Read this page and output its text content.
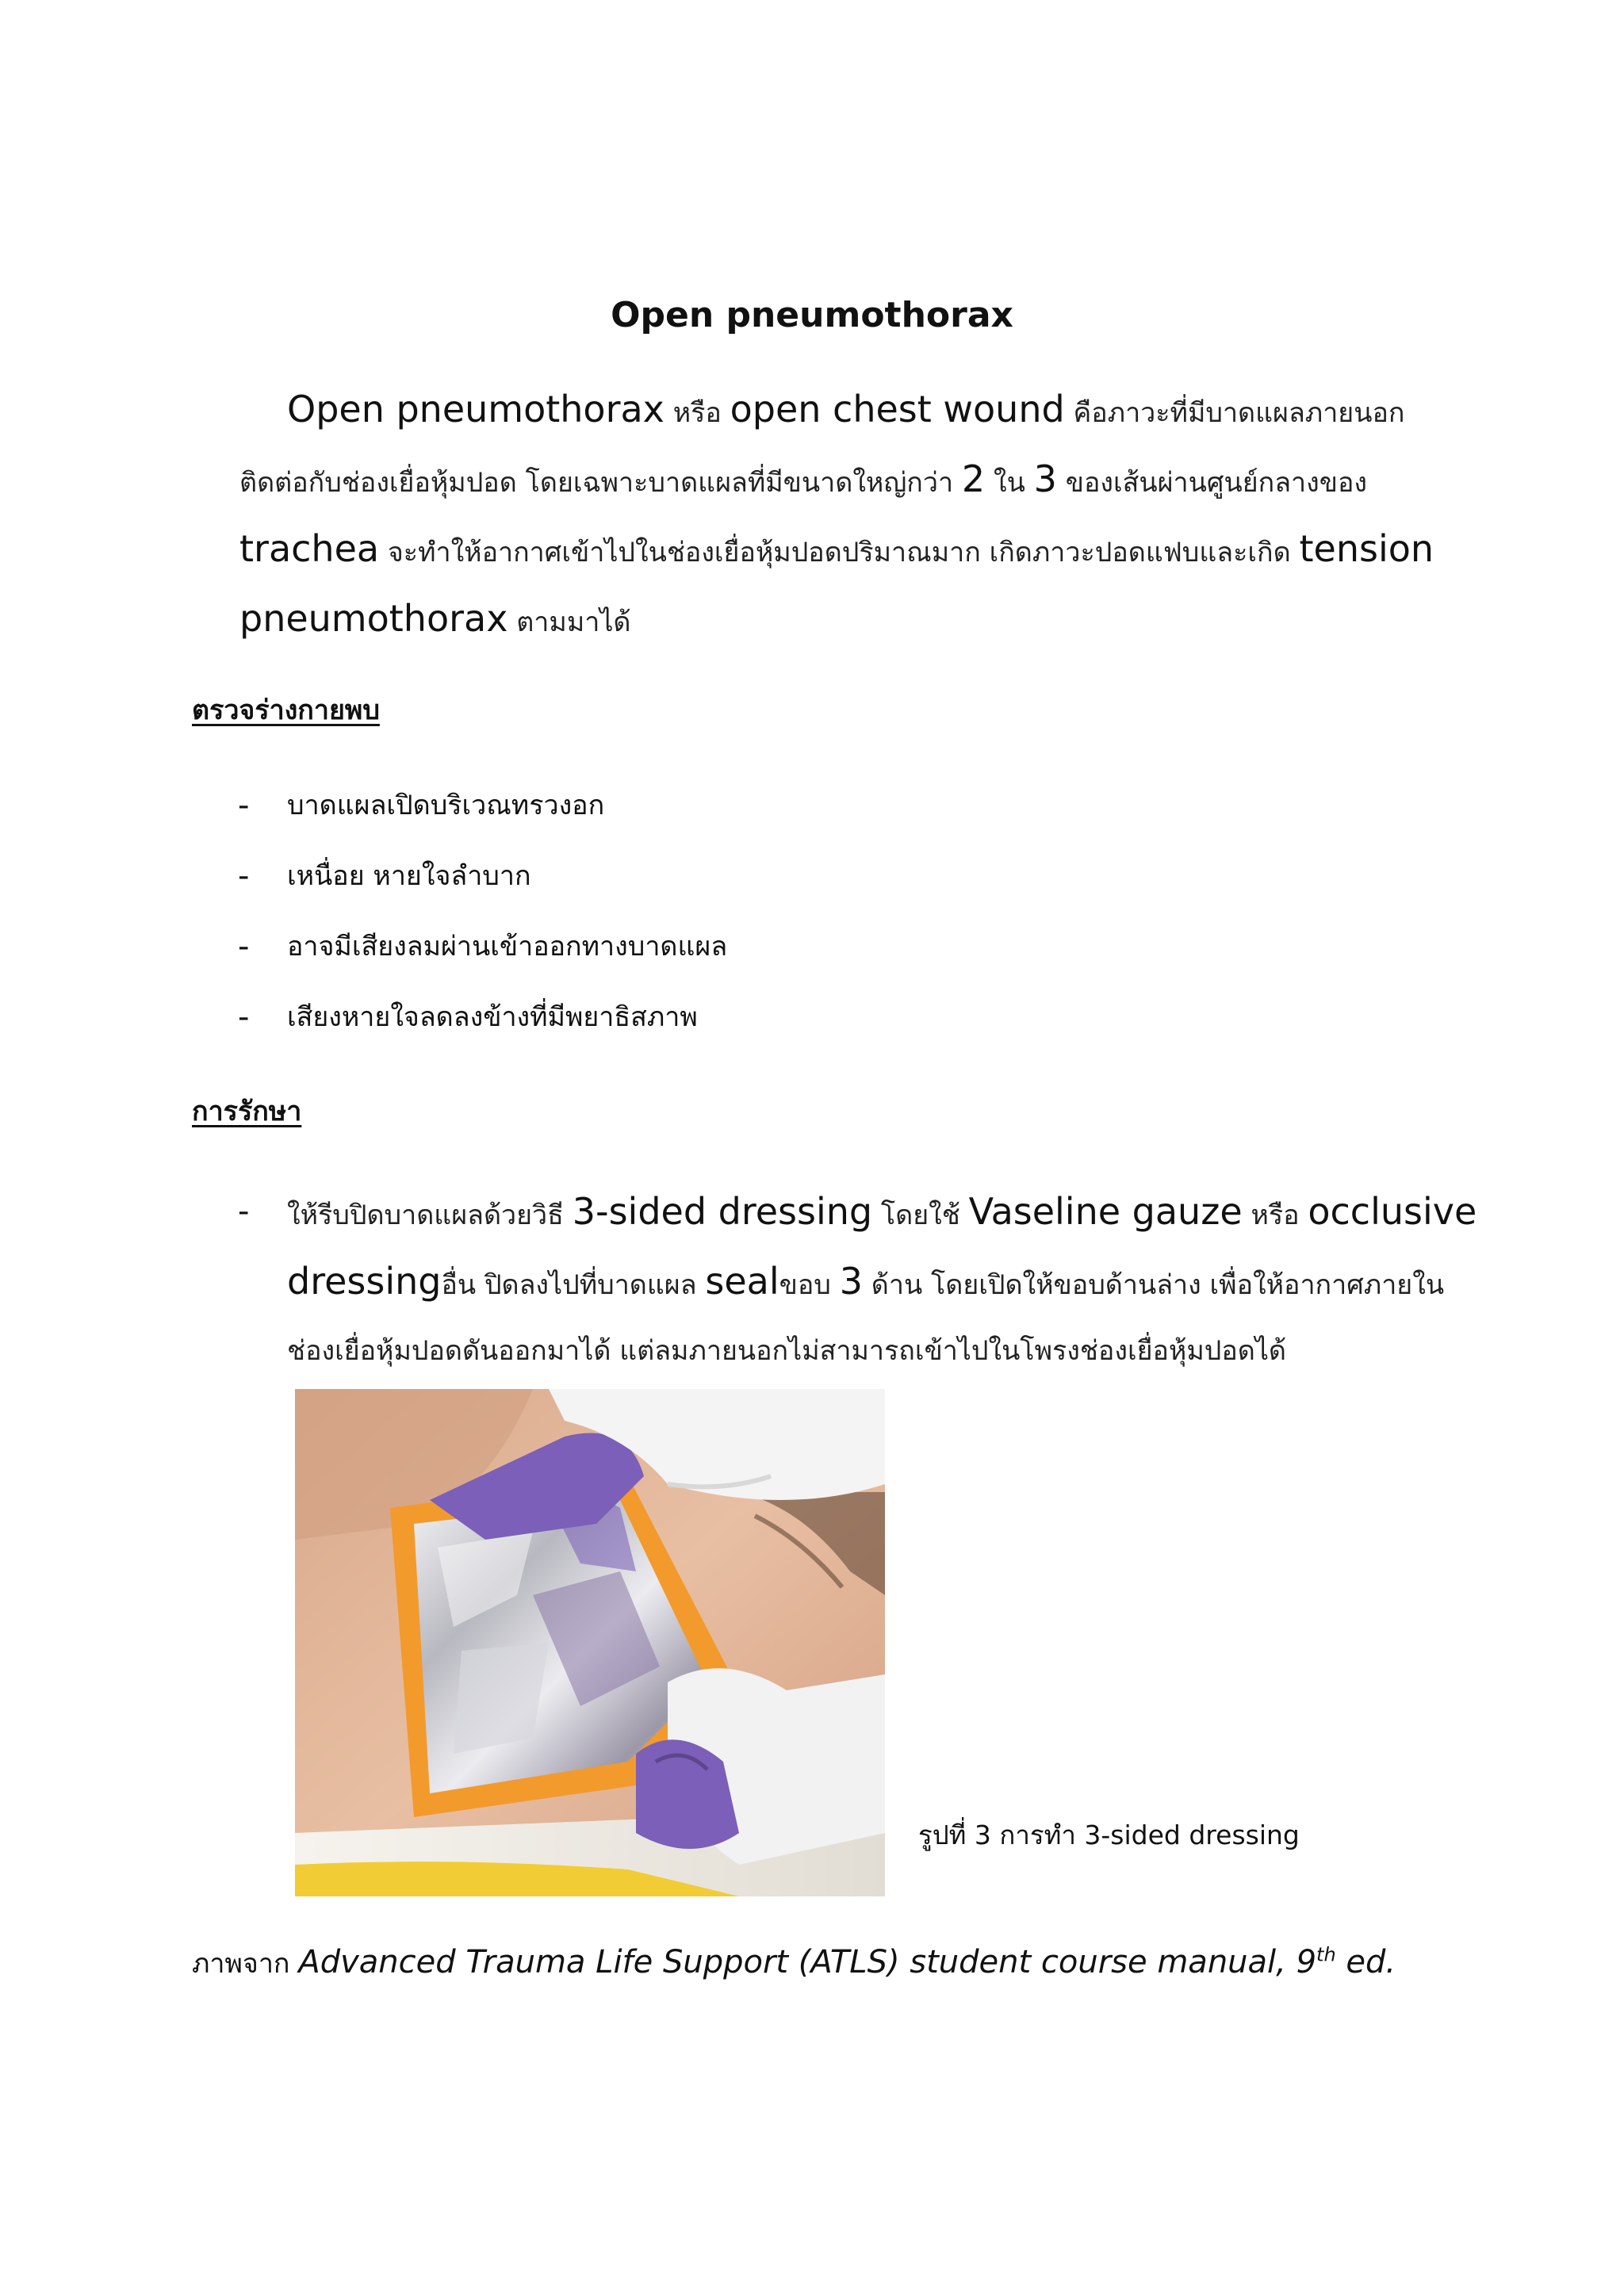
Open pneumothorax
Open pneumothorax หรือ open chest wound คือภาวะที่มีบาดแผลภายนอก
ติดต่อกับช่องเยื่อหุ้มปอด โดยเฉพาะบาดแผลที่มีขนาดใหญ่กว่า 2 ใน 3 ของเส้นผ่านศูนย์กลางของ
trachea จะทำให้อากาศเข้าไปในช่องเยื่อหุ้มปอดปริมาณมาก เกิดภาวะปอดแฟบและเกิด tension
pneumothorax ตามมาได้
ตรวจร่างกายพบ
- บาดแผลเปิดบริเวณทรวงอก
- เหนื่อย หายใจลำบาก
- อาจมีเสียงลมผ่านเข้าออกทางบาดแผล
- เสียงหายใจลดลงข้างที่มีพยาธิสภาพ
การรักษา
-	ให้รีบปิดบาดแผลด้วยวิธี 3-sided dressing โดยใช้ Vaseline gauze หรือ occlusive
dressingอื่น ปิดลงไปที่บาดแผล sealขอบ 3 ด้าน โดยเปิดให้ขอบด้านล่าง เพื่อให้อากาศภายใน
ช่องเยื่อหุ้มปอดดันออกมาได้ แต่ลมภายนอกไม่สามารถเข้าไปในโพรงช่องเยื่อหุ้มปอดได้

รูปที่ 3 การทำ 3-sided dressing

ภาพจาก Advanced Trauma Life Support (ATLS) student course manual, 9th ed.
